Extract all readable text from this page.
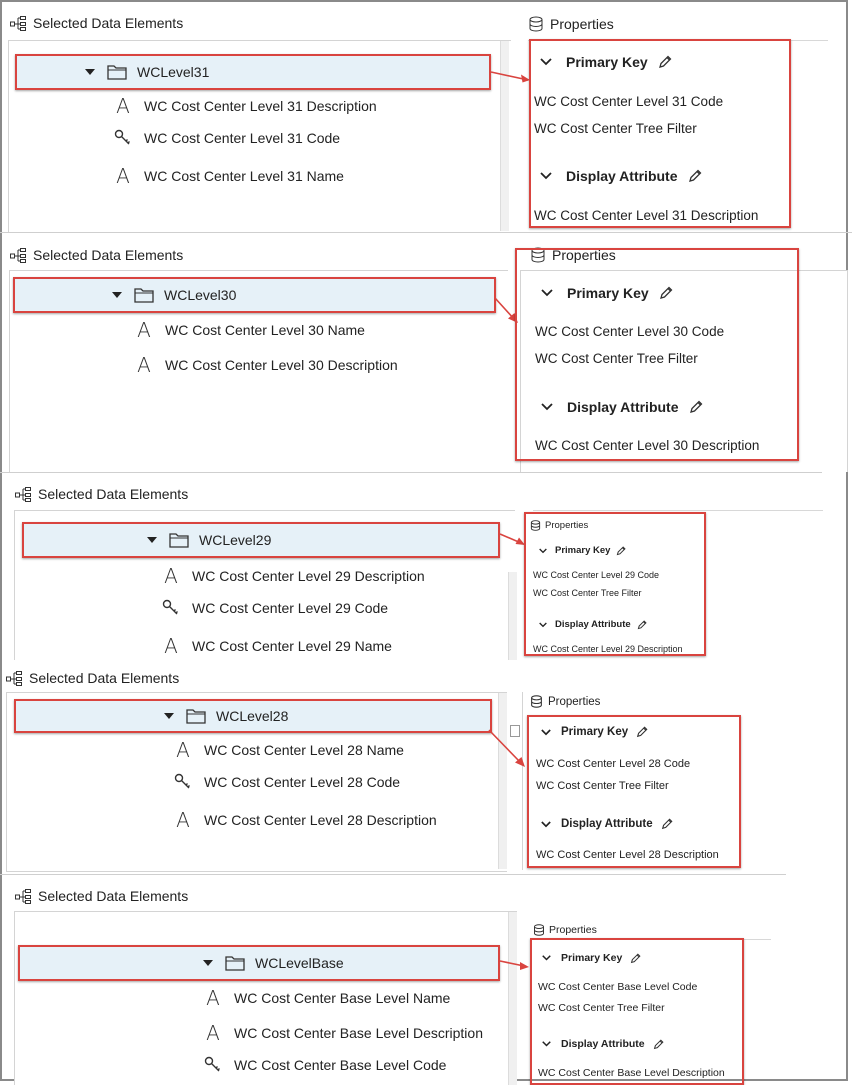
Selected Data Elements	Properties
WCLevel31
A WC Cost Center Level 31 Description
WC Cost Center Level 31 Code
A WC Cost Center Level 31 Name
Primary Key
WC Cost Center Level 31 Code
WC Cost Center Tree Filter
Display Attribute
WC Cost Center Level 31 Description
Selected Data Elements	Properties
WCLevel30
A WC Cost Center Level 30 Name
A WC Cost Center Level 30 Description
Primary Key
WC Cost Center Level 30 Code
WC Cost Center Tree Filter
Display Attribute
WC Cost Center Level 30 Description
Selected Data Elements
WCLevel29
A WC Cost Center Level 29 Description
WC Cost Center Level 29 Code
A WC Cost Center Level 29 Name
Properties
Primary Key
WC Cost Center Level 29 Code
WC Cost Center Tree Filter
Display Attribute
WC Cost Center Level 29 Description
Selected Data Elements
Properties
WCLevel28
A WC Cost Center Level 28 Name
WC Cost Center Level 28 Code
A WC Cost Center Level 28 Description
Primary Key
WC Cost Center Level 28 Code
WC Cost Center Tree Filter
Display Attribute
WC Cost Center Level 28 Description
Selected Data Elements
Properties
WCLevelBase
A WC Cost Center Base Level Name
A WC Cost Center Base Level Description
WC Cost Center Base Level Code
Primary Key
WC Cost Center Base Level Code
WC Cost Center Tree Filter
Display Attribute
WC Cost Center Base Level Description
